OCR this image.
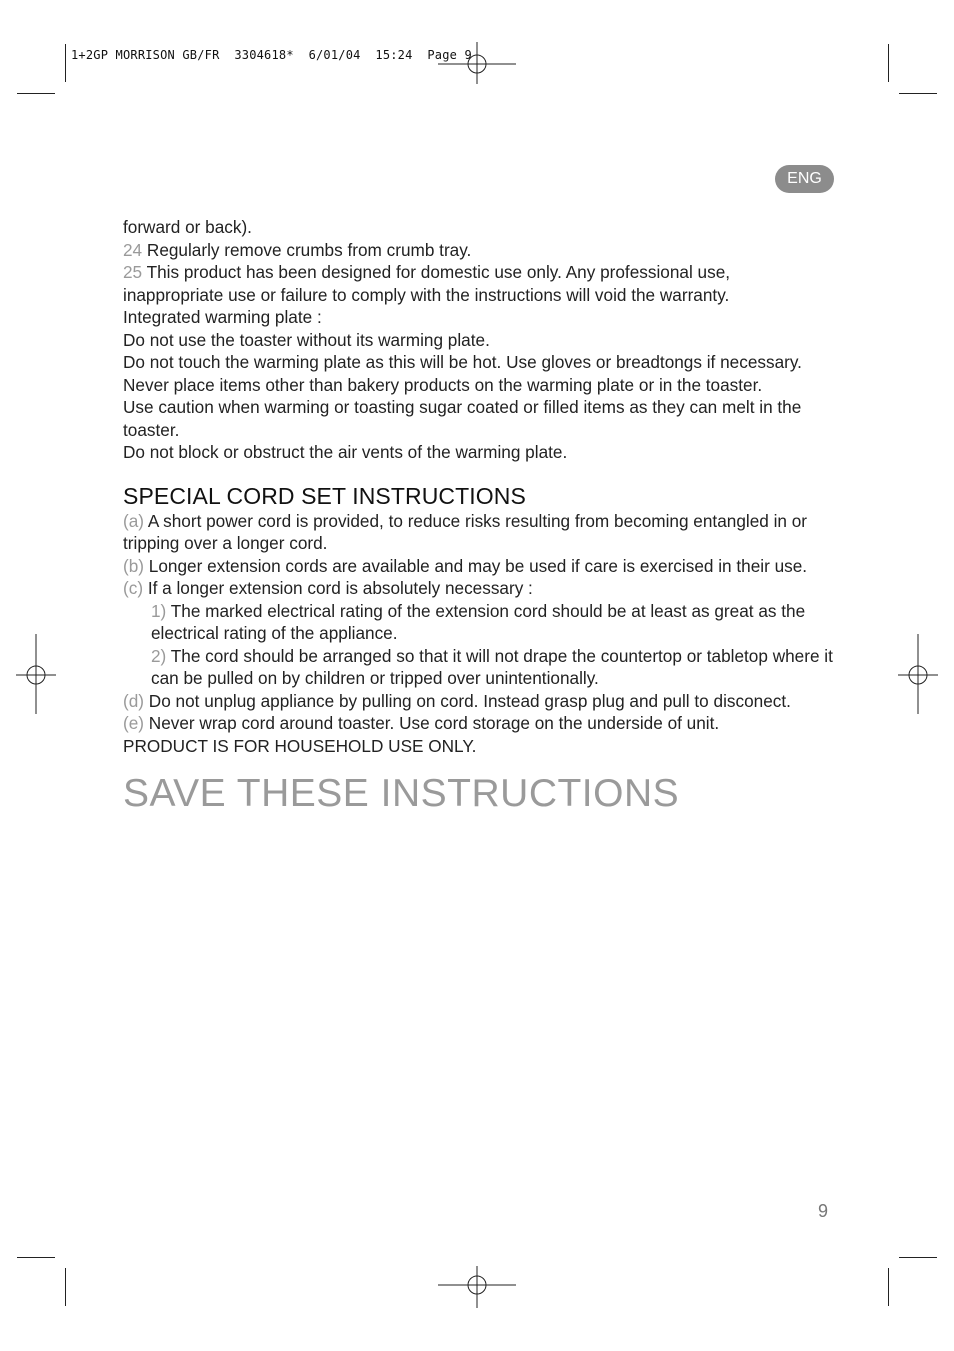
1+2GP MORRISON GB/FR  3304618*  6/01/04  15:24  Page 9
ENG

forward or back).

24 Regularly remove crumbs from crumb tray.

25 This product has been designed for domestic use only. Any professional use, inappropriate use or failure to comply with the instructions will void the warranty.

Integrated warming plate :

Do not use the toaster without its warming plate.

Do not touch the warming plate as this will be hot. Use gloves or breadtongs if necessary.

Never place items other than bakery products on the warming plate or in the toaster.

Use caution when warming or toasting sugar coated or filled items as they can melt in the toaster.

Do not block or obstruct the air vents of the warming plate.

SPECIAL CORD SET INSTRUCTIONS

(a) A short power cord is provided, to reduce risks resulting from becoming entangled in or tripping over a longer cord.

(b) Longer extension cords are available and may be used if care is exercised in their use.

(c) If a longer extension cord is absolutely necessary :

1) The marked electrical rating of the extension cord should be at least as great as the electrical rating of the appliance.

2) The cord should be arranged so that it will not drape the countertop or tabletop where it can be pulled on by children or tripped over unintentionally.

(d) Do not unplug appliance by pulling on cord. Instead grasp plug and pull to disconect.

(e) Never wrap cord around toaster. Use cord storage on the underside of unit.

PRODUCT IS FOR HOUSEHOLD USE ONLY.

SAVE THESE INSTRUCTIONS
9
